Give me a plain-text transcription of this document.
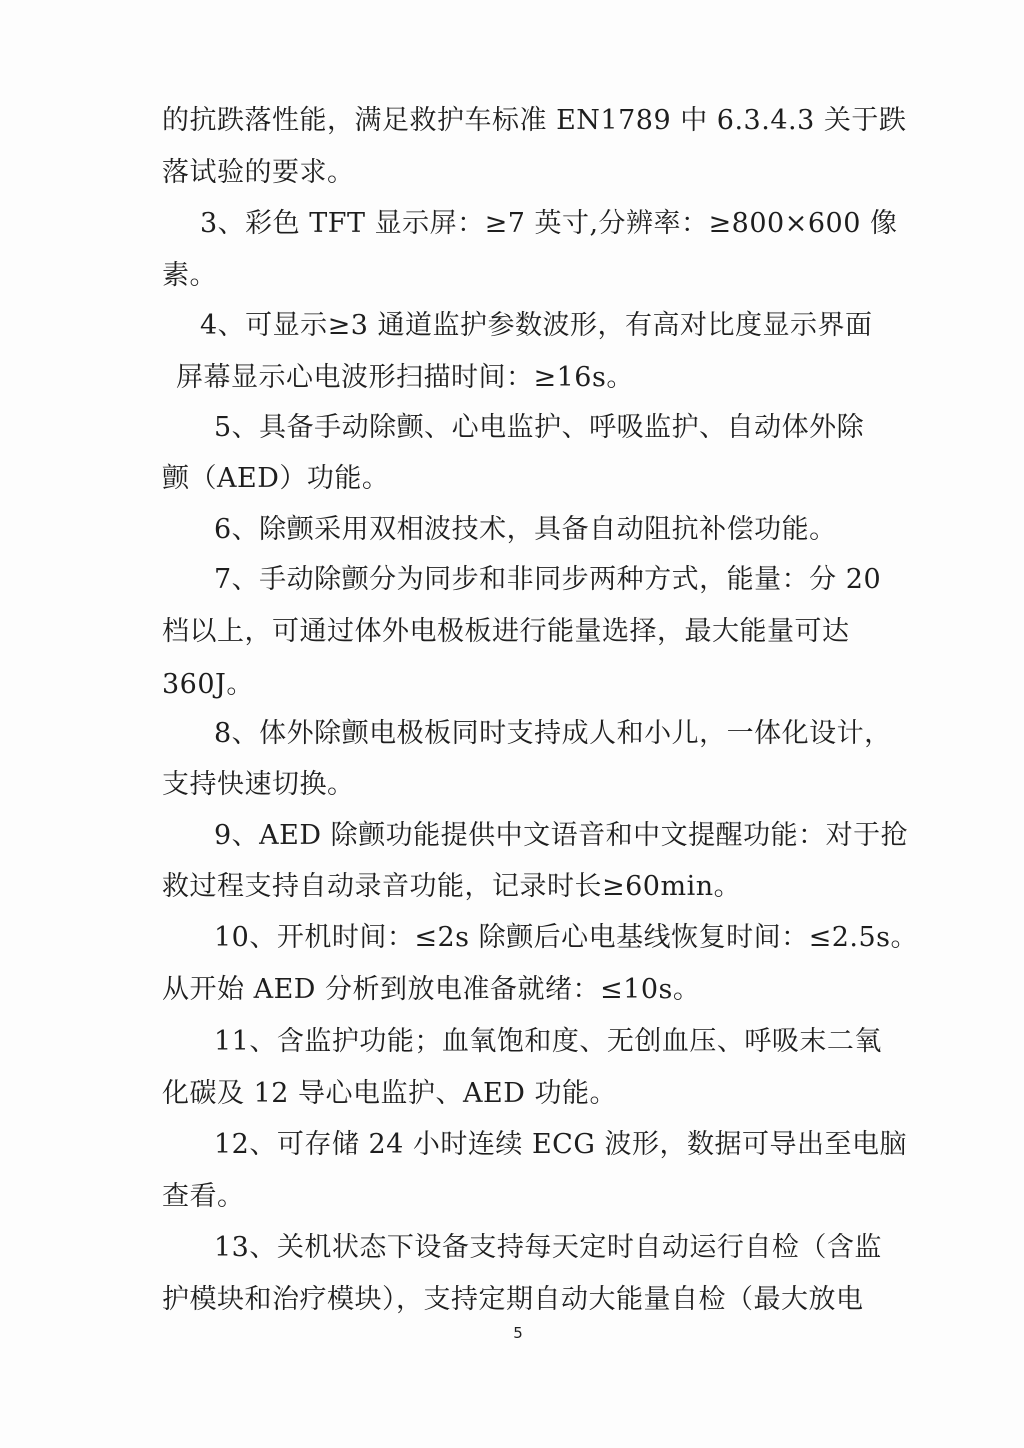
的抗跌落性能，满足救护车标准 EN1789 中 6.3.4.3 关于跌
落试验的要求。
3、彩色 TFT 显示屏：≥7 英寸,分辨率：≥800×600 像
素。
4、可显示≥3 通道监护参数波形，有高对比度显示界面
屏幕显示心电波形扫描时间：≥16s。
5、具备手动除颤、心电监护、呼吸监护、自动体外除
颤（AED）功能。
6、除颤采用双相波技术，具备自动阻抗补偿功能。
7、手动除颤分为同步和非同步两种方式，能量：分 20
档以上，可通过体外电极板进行能量选择，最大能量可达
360J。
8、体外除颤电极板同时支持成人和小儿，一体化设计，
支持快速切换。
9、AED 除颤功能提供中文语音和中文提醒功能：对于抢
救过程支持自动录音功能，记录时长≥60min。
10、开机时间：≤2s 除颤后心电基线恢复时间：≤2.5s。
从开始 AED 分析到放电准备就绪：≤10s。
11、含监护功能；血氧饱和度、无创血压、呼吸末二氧
化碳及 12 导心电监护、AED 功能。
12、可存储 24 小时连续 ECG 波形，数据可导出至电脑
查看。
13、关机状态下设备支持每天定时自动运行自检（含监
护模块和治疗模块），支持定期自动大能量自检（最大放电
5
